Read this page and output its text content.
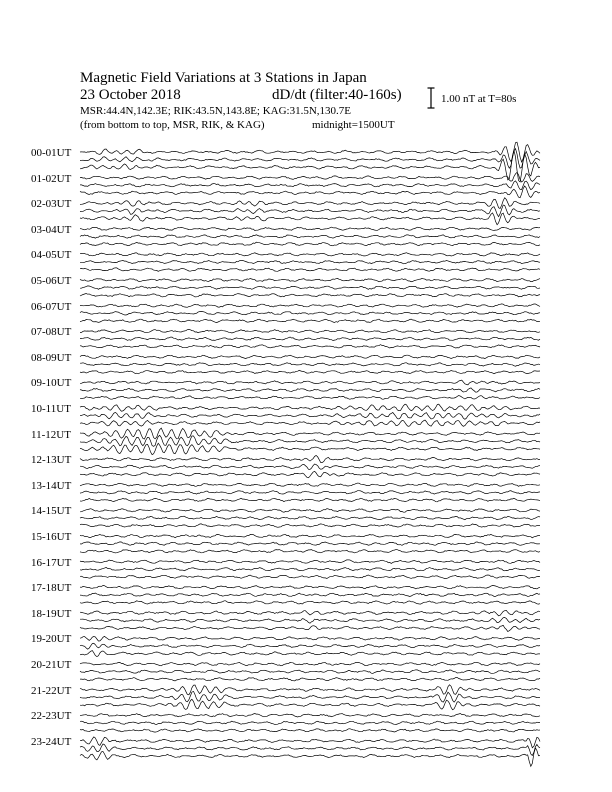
Magnetic Field Variations at 3 Stations in Japan
23 October 2018	dD/dt (filter:40-160s)
MSR:44.4N,142.3E; RIK:43.5N,143.8E; KAG:31.5N,130.7E
(from bottom to top, MSR, RIK, & KAG)	midnight=1500UT
1.00 nT at T=80s
00-01UT
01-02UT
02-03UT
03-04UT
04-05UT
05-06UT
06-07UT
07-08UT
08-09UT
09-10UT
10-11UT
11-12UT
12-13UT
13-14UT
14-15UT
15-16UT
16-17UT
17-18UT
18-19UT
19-20UT
20-21UT
21-22UT
22-23UT
23-24UT
